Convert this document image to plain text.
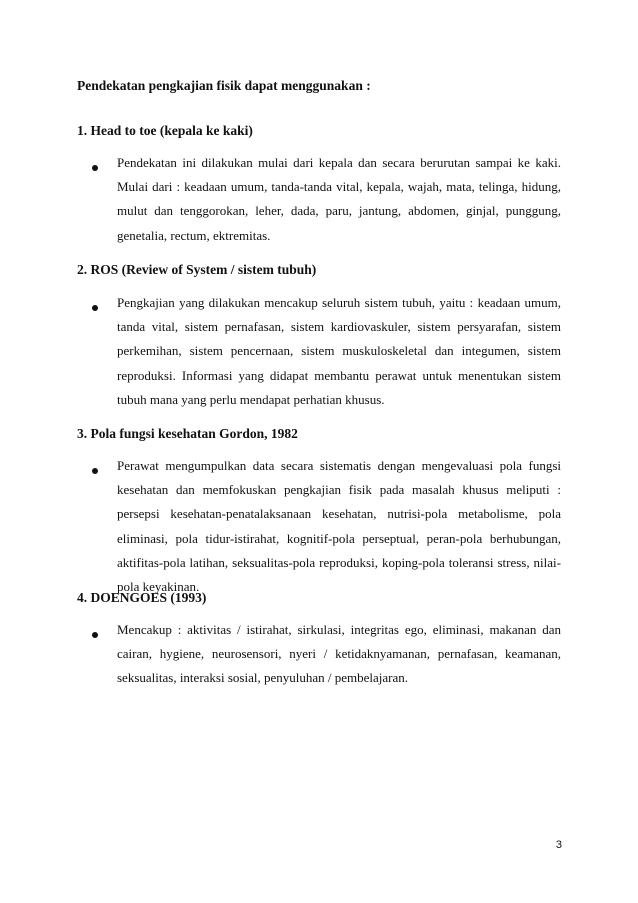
Pendekatan pengkajian fisik dapat menggunakan :
1. Head to toe (kepala ke kaki)

Pendekatan ini dilakukan mulai dari kepala dan secara berurutan sampai ke kaki. Mulai dari : keadaan umum, tanda-tanda vital, kepala, wajah, mata, telinga, hidung, mulut dan tenggorokan, leher, dada, paru, jantung, abdomen, ginjal, punggung, genetalia, rectum, ektremitas.

2. ROS (Review of System / sistem tubuh)

Pengkajian yang dilakukan mencakup seluruh sistem tubuh, yaitu : keadaan umum, tanda vital, sistem pernafasan, sistem kardiovaskuler, sistem persyarafan, sistem perkemihan, sistem pencernaan, sistem muskuloskeletal dan integumen, sistem reproduksi. Informasi yang didapat membantu perawat untuk menentukan sistem tubuh mana yang perlu mendapat perhatian khusus.

3. Pola fungsi kesehatan Gordon, 1982

Perawat mengumpulkan data secara sistematis dengan mengevaluasi pola fungsi kesehatan dan memfokuskan pengkajian fisik pada masalah khusus meliputi : persepsi kesehatan-penatalaksanaan kesehatan, nutrisi-pola metabolisme, pola eliminasi, pola tidur-istirahat, kognitif-pola perseptual, peran-pola berhubungan, aktifitas-pola latihan, seksualitas-pola reproduksi, koping-pola toleransi stress, nilai-pola keyakinan.

4. DOENGOES (1993)

Mencakup : aktivitas / istirahat, sirkulasi, integritas ego, eliminasi, makanan dan cairan, hygiene, neurosensori, nyeri / ketidaknyamanan, pernafasan, keamanan, seksualitas, interaksi sosial, penyuluhan / pembelajaran.

3
